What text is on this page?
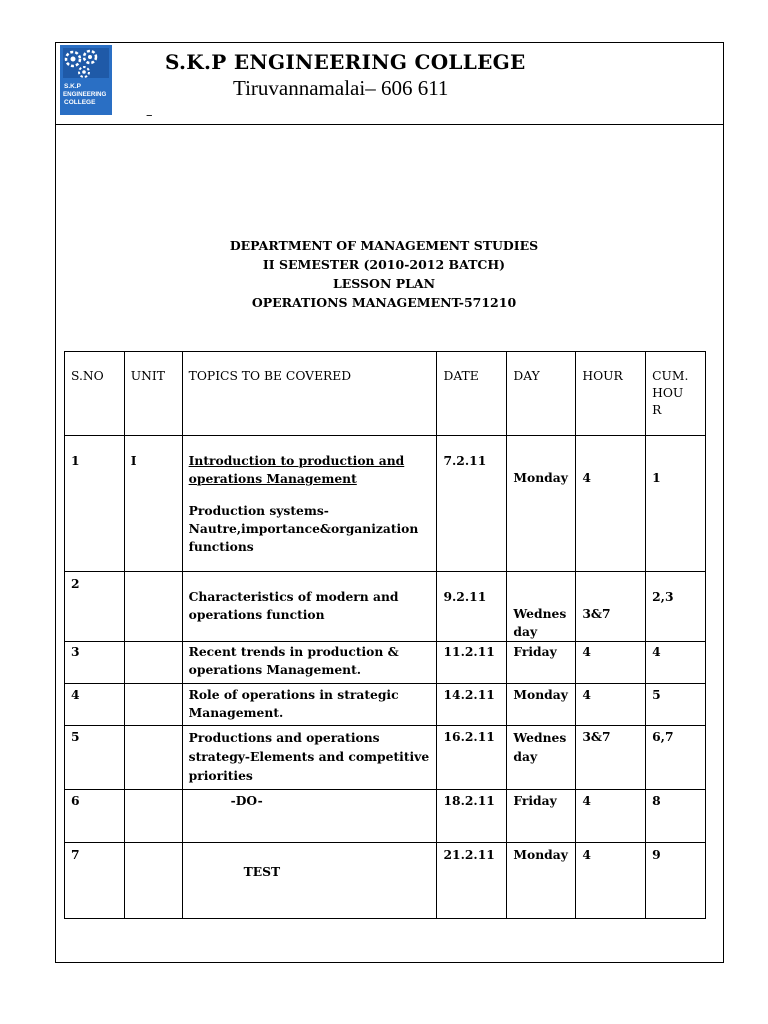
S.K.P
ENGINEERING
COLLEGE
S.K.P ENGINEERING COLLEGE
Tiruvannamalai– 606 611
–
DEPARTMENT OF MANAGEMENT STUDIES
II SEMESTER (2010-2012 BATCH)
LESSON PLAN
OPERATIONS MANAGEMENT-571210
S.NO	UNIT	TOPICS TO BE COVERED	DATE	DAY	HOUR	CUM.
HOU
R

1	I	Introduction to production and operations Management
Production systems- Nautre,importance&organization functions	7.2.11	Monday	4	1
2		Characteristics of modern and operations function	9.2.11	Wednes
day	3&7	2,3
3		Recent trends in production & operations Management.	11.2.11	Friday	4	4
4		Role of operations in strategic Management.	14.2.11	Monday	4	5
5		Productions and operations strategy-Elements and competitive priorities	16.2.11	Wednes
day	3&7	6,7
6		-DO-	18.2.11	Friday	4	8
7		TEST	21.2.11	Monday	4	9
